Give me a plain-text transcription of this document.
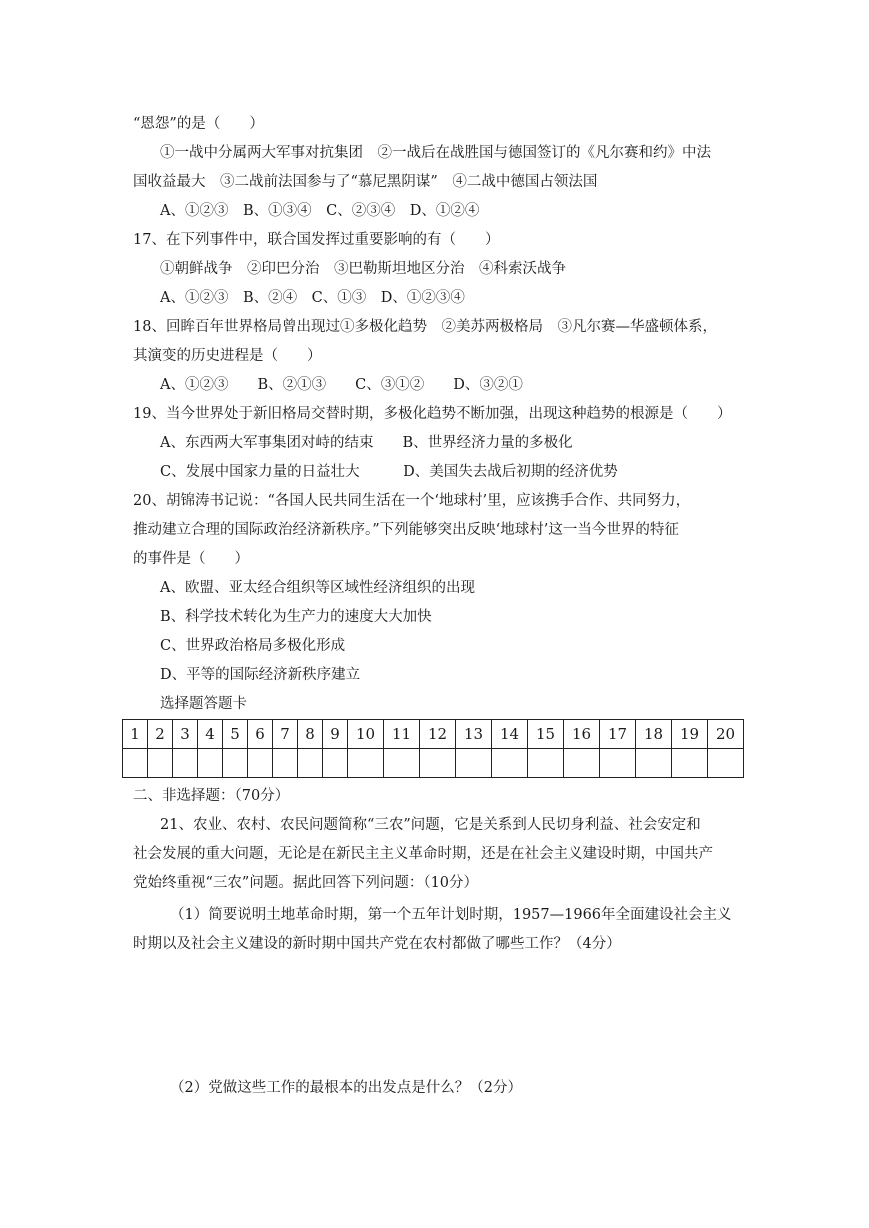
“恩怨”的是（　　）
①一战中分属两大军事对抗集团　②一战后在战胜国与德国签订的《凡尔赛和约》中法
国收益最大　③二战前法国参与了“慕尼黑阴谋”　④二战中德国占领法国
A、①②③　B、①③④　C、②③④　D、①②④
17、在下列事件中，联合国发挥过重要影响的有（　　）
①朝鲜战争　②印巴分治　③巴勒斯坦地区分治　④科索沃战争
A、①②③　B、②④　C、①③　D、①②③④
18、回眸百年世界格局曾出现过①多极化趋势　②美苏两极格局　③凡尔赛—华盛顿体系，
其演变的历史进程是（　　）
A、①②③　　B、②①③　　C、③①②　　D、③②①
19、当今世界处于新旧格局交替时期，多极化趋势不断加强，出现这种趋势的根源是（　　）
A、东西两大军事集团对峙的结束　　B、世界经济力量的多极化
C、发展中国家力量的日益壮大　　　D、美国失去战后初期的经济优势
20、胡锦涛书记说：“各国人民共同生活在一个‘地球村’里，应该携手合作、共同努力，
推动建立合理的国际政治经济新秩序。”下列能够突出反映‘地球村’这一当今世界的特征
的事件是（　　）
A、欧盟、亚太经合组织等区域性经济组织的出现
B、科学技术转化为生产力的速度大大加快
C、世界政治格局多极化形成
D、平等的国际经济新秩序建立
选择题答题卡
1	2	3	4	5	6	7	8	9	10	11	12	13	14	15	16	17	18	19	20

二、非选择题：（70分）
21、农业、农村、农民问题简称“三农”问题，它是关系到人民切身利益、社会安定和
社会发展的重大问题，无论是在新民主主义革命时期，还是在社会主义建设时期，中国共产
党始终重视“三农”问题。据此回答下列问题：（10分）
（1）简要说明土地革命时期，第一个五年计划时期，1957—1966年全面建设社会主义
时期以及社会主义建设的新时期中国共产党在农村都做了哪些工作？（4分）
（2）党做这些工作的最根本的出发点是什么？（2分）
